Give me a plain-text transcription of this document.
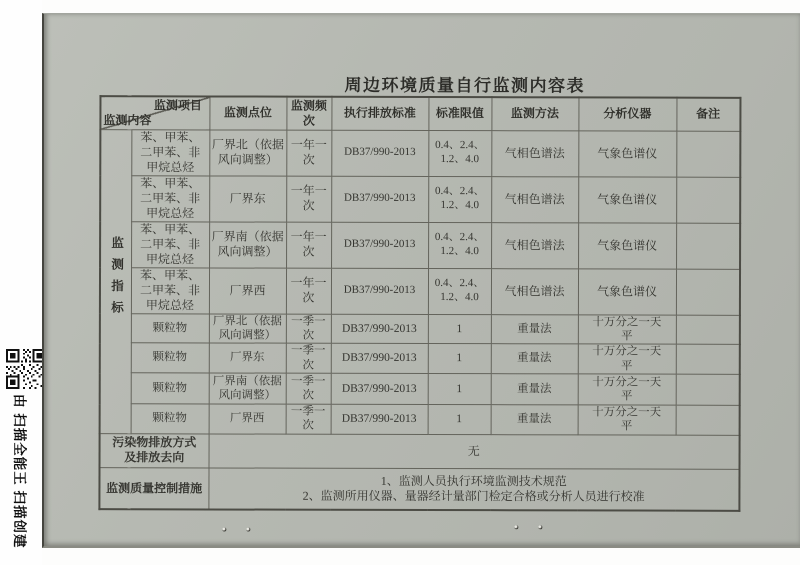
由 扫描全能王 扫描创建
周边环境质量自行监测内容表
监测项目
监测内容		监测点位	监测频次	执行排放标准	标准限值	监测方法	分析仪器	备注
监测指标	苯、甲苯、二甲苯、非甲烷总烃	厂界北（依据风向调整）	一年一次	DB37/990-2013	0.4、2.4、1.2、4.0	气相色谱法	气象色谱仪	
	苯、甲苯、二甲苯、非甲烷总烃	厂界东	一年一次	DB37/990-2013	0.4、2.4、1.2、4.0	气相色谱法	气象色谱仪	
	苯、甲苯、二甲苯、非甲烷总烃	厂界南（依据风向调整）	一年一次	DB37/990-2013	0.4、2.4、1.2、4.0	气相色谱法	气象色谱仪	
	苯、甲苯、二甲苯、非甲烷总烃	厂界西	一年一次	DB37/990-2013	0.4、2.4、1.2、4.0	气相色谱法	气象色谱仪	
	颗粒物	厂界北（依据风向调整）	一季一次	DB37/990-2013	1	重量法	十万分之一天平	
	颗粒物	厂界东	一季一次	DB37/990-2013	1	重量法	十万分之一天平	
	颗粒物	厂界南（依据风向调整）	一季一次	DB37/990-2013	1	重量法	十万分之一天平	
	颗粒物	厂界西	一季一次	DB37/990-2013	1	重量法	十万分之一天平	
污染物排放方式及排放去向		无						
监测质量控制措施		1、监测人员执行环境监测技术规范
2、监测所用仪器、量器经计量部门检定合格或分析人员进行校准						
